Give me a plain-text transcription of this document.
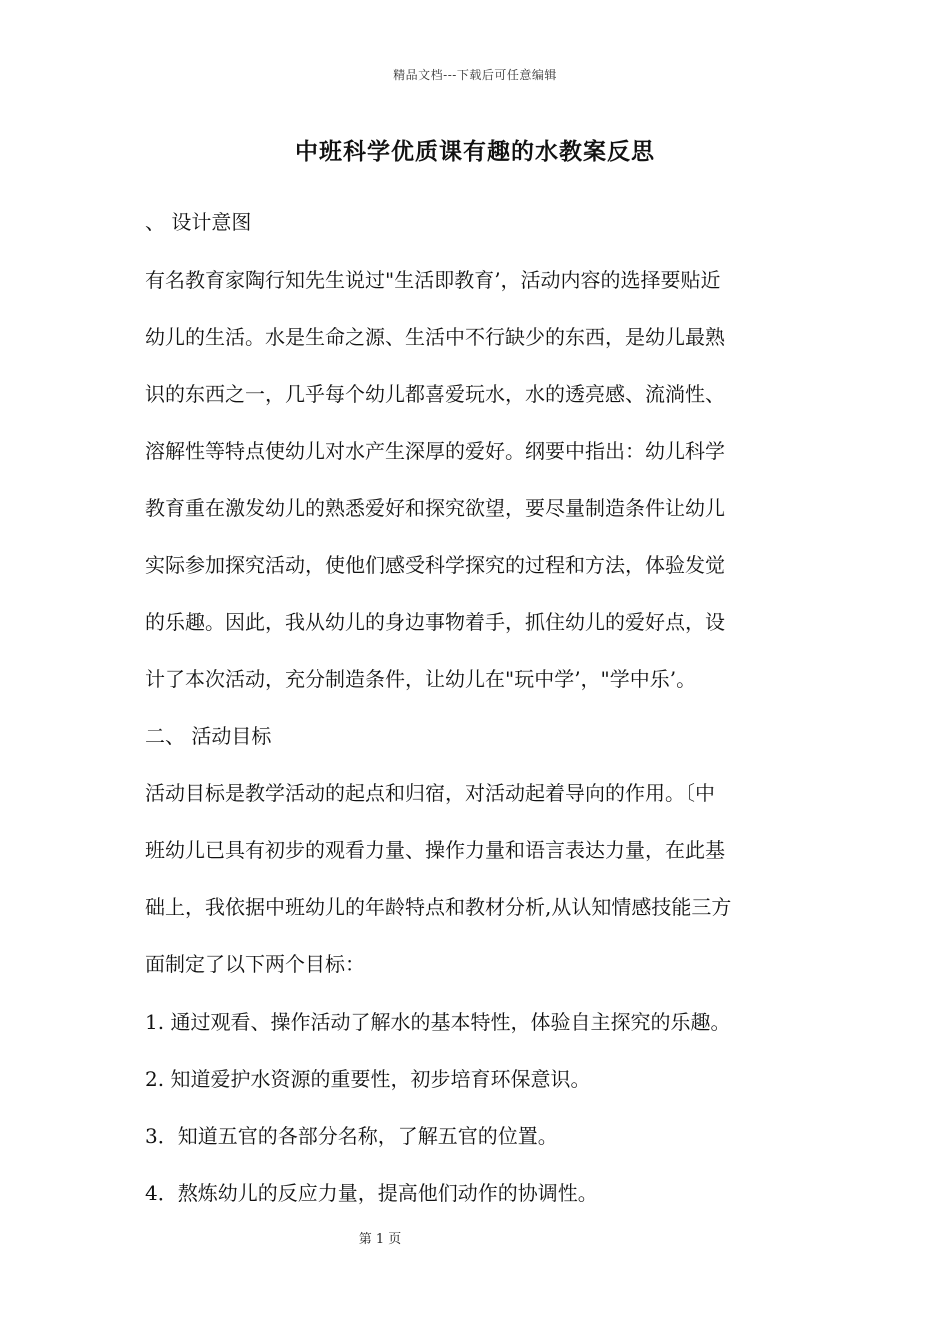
精品文档---下载后可任意编辑
中班科学优质课有趣的水教案反思
、 设计意图
有名教育家陶行知先生说过"生活即教育’，活动内容的选择要贴近
幼儿的生活。水是生命之源、生活中不行缺少的东西，是幼儿最熟
识的东西之一，几乎每个幼儿都喜爱玩水，水的透亮感、流淌性、
溶解性等特点使幼儿对水产生深厚的爱好。纲要中指出：幼儿科学
教育重在激发幼儿的熟悉爱好和探究欲望，要尽量制造条件让幼儿
实际参加探究活动，使他们感受科学探究的过程和方法，体验发觉
的乐趣。因此，我从幼儿的身边事物着手，抓住幼儿的爱好点，设
计了本次活动，充分制造条件，让幼儿在"玩中学’，"学中乐’。
二、 活动目标
活动目标是教学活动的起点和归宿，对活动起着导向的作用。〔中
班幼儿已具有初步的观看力量、操作力量和语言表达力量，在此基
础上，我依据中班幼儿的年龄特点和教材分析,从认知情感技能三方
面制定了以下两个目标：
1. 通过观看、操作活动了解水的基本特性，体验自主探究的乐趣。
2. 知道爱护水资源的重要性，初步培育环保意识。
3．知道五官的各部分名称，了解五官的位置。
4．熬炼幼儿的反应力量，提高他们动作的协调性。
第 1 页
